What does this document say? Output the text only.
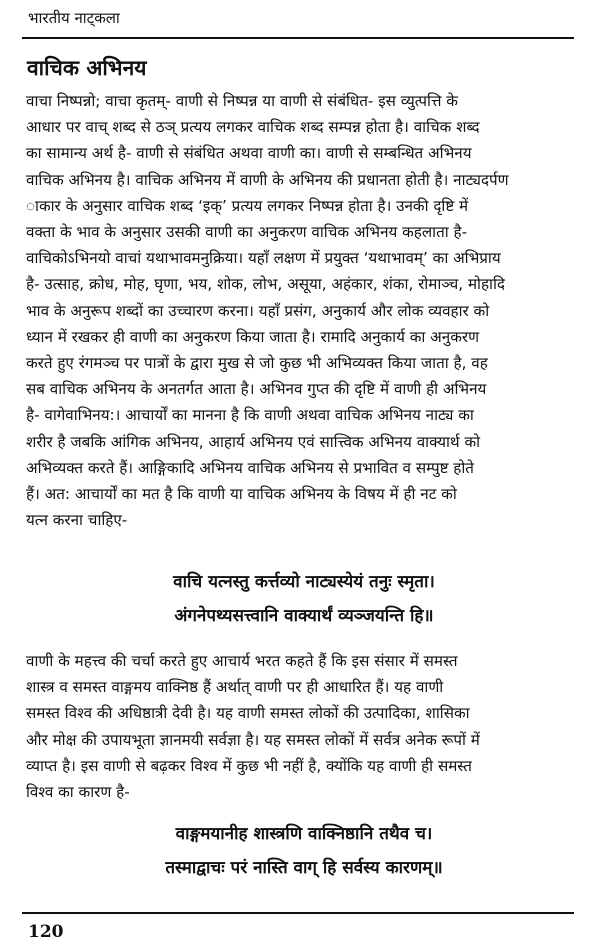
भारतीय नाट्कला
वाचिक अभिनय
वाचा निष्पन्नो; वाचा कृतम्- वाणी से निष्पन्न या वाणी से संबंधित- इस व्युत्पत्ति के
आधार पर वाच् शब्द से ठञ् प्रत्यय लगकर वाचिक शब्द सम्पन्न होता है। वाचिक शब्द
का सामान्य अर्थ है- वाणी से संबंधित अथवा वाणी का। वाणी से सम्बन्धित अभिनय
वाचिक अभिनय है। वाचिक अभिनय में वाणी के अभिनय की प्रधानता होती है। नाट्यदर्पण
ाकार के अनुसार वाचिक शब्द ‘इक्’ प्रत्यय लगकर निष्पन्न होता है। उनकी दृष्टि में
वक्ता के भाव के अनुसार उसकी वाणी का अनुकरण वाचिक अभिनय कहलाता है-
वाचिकोऽभिनयो वाचां यथाभावमनुक्रिया। यहाँ लक्षण में प्रयुक्त ‘यथाभावम्’ का अभिप्राय
है- उत्साह, क्रोध, मोह, घृणा, भय, शोक, लोभ, असूया, अहंकार, शंका, रोमाञ्च, मोहादि
भाव के अनुरूप शब्दों का उच्चारण करना। यहाँ प्रसंग, अनुकार्य और लोक व्यवहार को
ध्यान में रखकर ही वाणी का अनुकरण किया जाता है। रामादि अनुकार्य का अनुकरण
करते हुए रंगमञ्च पर पात्रों के द्वारा मुख से जो कुछ भी अभिव्यक्त किया जाता है, वह
सब वाचिक अभिनय के अनतर्गत आता है। अभिनव गुप्त की दृष्टि में वाणी ही अभिनय
है- वागेवाभिनय:। आचार्यों का मानना है कि वाणी अथवा वाचिक अभिनय नाट्य का
शरीर है जबकि आंगिक अभिनय, आहार्य अभिनय एवं सात्त्विक अभिनय वाक्यार्थ को
अभिव्यक्त करते हैं। आङ्गिकादि अभिनय वाचिक अभिनय से प्रभावित व सम्पुष्ट होते
हैं। अत: आचार्यों का मत है कि वाणी या वाचिक अभिनय के विषय में ही नट को
यत्न करना चाहिए-
वाचि यत्नस्तु कर्त्तव्यो नाट्यस्येयं तनुः स्मृता।
अंगनेपथ्यसत्त्वानि वाक्यार्थं व्यञ्जयन्ति हि॥
वाणी के महत्त्व की चर्चा करते हुए आचार्य भरत कहते हैं कि इस संसार में समस्त
शास्त्र व समस्त वाङ्गमय वाक्निष्ठ हैं अर्थात् वाणी पर ही आधारित हैं। यह वाणी
समस्त विश्व की अधिष्ठात्री देवी है। यह वाणी समस्त लोकों की उत्पादिका, शासिका
और मोक्ष की उपायभूता ज्ञानमयी सर्वज्ञा है। यह समस्त लोकों में सर्वत्र अनेक रूपों में
व्याप्त है। इस वाणी से बढ़कर विश्व में कुछ भी नहीं है, क्योंकि यह वाणी ही समस्त
विश्व का कारण है-
वाङ्गमयानीह शास्त्रणि वाक्निष्ठानि तथैव च।
तस्माद्वाचः परं नास्ति वाग् हि सर्वस्य कारणम्॥
120
